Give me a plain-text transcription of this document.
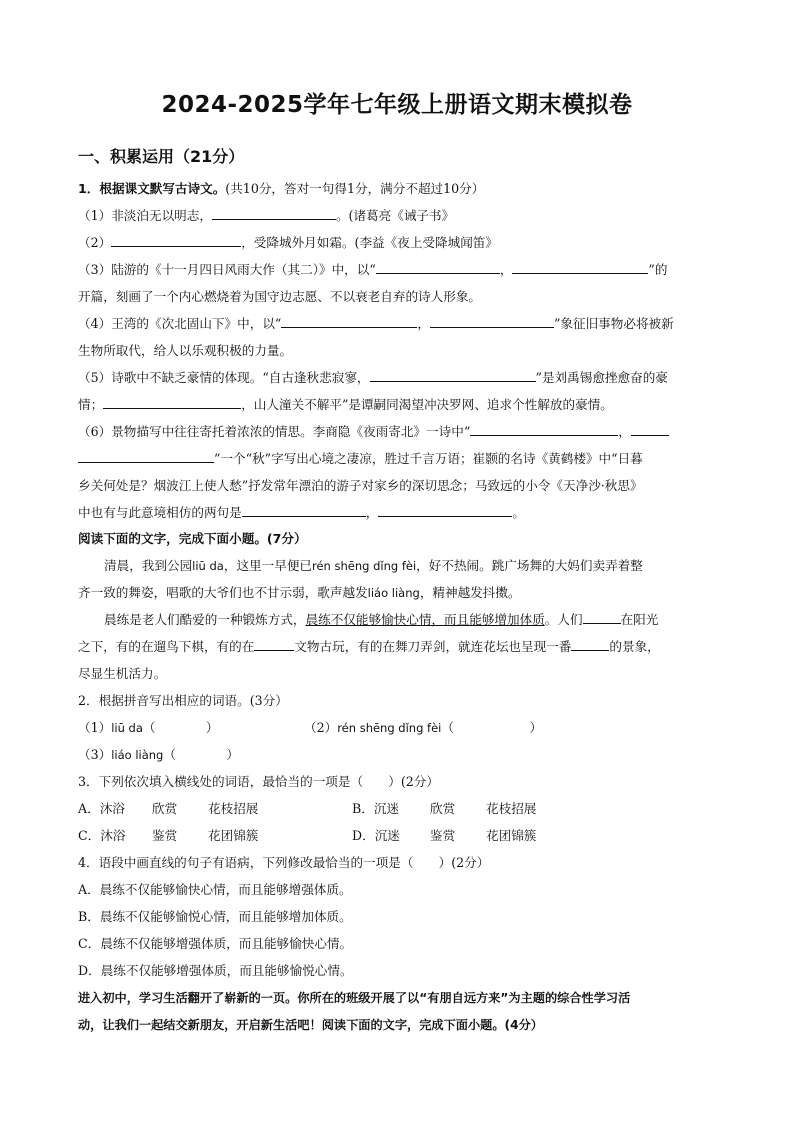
2024-2025学年七年级上册语文期末模拟卷
一、积累运用（21分）
1．根据课文默写古诗文。(共10分，答对一句得1分，满分不超过10分）
（1）非淡泊无以明志，	。(诸葛亮《诫子书》
（2）	，受降城外月如霜。(李益《夜上受降城闻笛》
（3）陆游的《十一月四日风雨大作（其二）》中，以“	，	”的
开篇，刻画了一个内心燃烧着为国守边志愿、不以衰老自弃的诗人形象。
（4）王湾的《次北固山下》中，以“	，	”象征旧事物必将被新
生物所取代，给人以乐观积极的力量。
（5）诗歌中不缺乏豪情的体现。“自古逢秋悲寂寥，	”是刘禹锡愈挫愈奋的豪
情；	，山人潼关不解平”是谭嗣同渴望冲决罗网、追求个性解放的豪情。
（6）景物描写中往往寄托着浓浓的情思。李商隐《夜雨寄北》一诗中“	，
”一个“秋”字写出心境之凄凉，胜过千言万语；崔颢的名诗《黄鹤楼》中“日暮
乡关何处是？烟波江上使人愁”抒发常年漂泊的游子对家乡的深切思念；马致远的小令《天净沙·秋思》
中也有与此意境相仿的两句是	，	。
阅读下面的文字，完成下面小题。(7分）
清晨，我到公园liū da，这里一早便已rén shēng dǐng fèi，好不热闹。跳广场舞的大妈们卖弄着整
齐一致的舞姿，唱歌的大爷们也不甘示弱，歌声越发liáo liàng，精神越发抖擞。
晨练是老人们酷爱的一种锻炼方式，晨练不仅能够愉快心情，而且能够增加体质。人们	在阳光
之下，有的在遛鸟下棋，有的在	文物古玩，有的在舞刀弄剑，就连花坛也呈现一番	的景象，
尽显生机活力。
2．根据拼音写出相应的词语。(3分）
（1）liū da（　　　　）	（2）rén shēng dǐng fèi（　　　　　　）
（3）liáo liàng（　　　　）
3．下列依次填入横线处的词语，最恰当的一项是（　　）(2分）
A．沐浴 欣赏 花枝招展	B．沉迷 欣赏 花枝招展
C．沐浴 鉴赏 花团锦簇	D．沉迷 鉴赏 花团锦簇
4．语段中画直线的句子有语病，下列修改最恰当的一项是（　　）(2分）
A．晨练不仅能够愉快心情，而且能够增强体质。
B．晨练不仅能够愉悦心情，而且能够增加体质。
C．晨练不仅能够增强体质，而且能够愉快心情。
D．晨练不仅能够增强体质，而且能够愉悦心情。
进入初中，学习生活翻开了崭新的一页。你所在的班级开展了以“有朋自远方来”为主题的综合性学习活
动，让我们一起结交新朋友，开启新生活吧！阅读下面的文字，完成下面小题。(4分）
